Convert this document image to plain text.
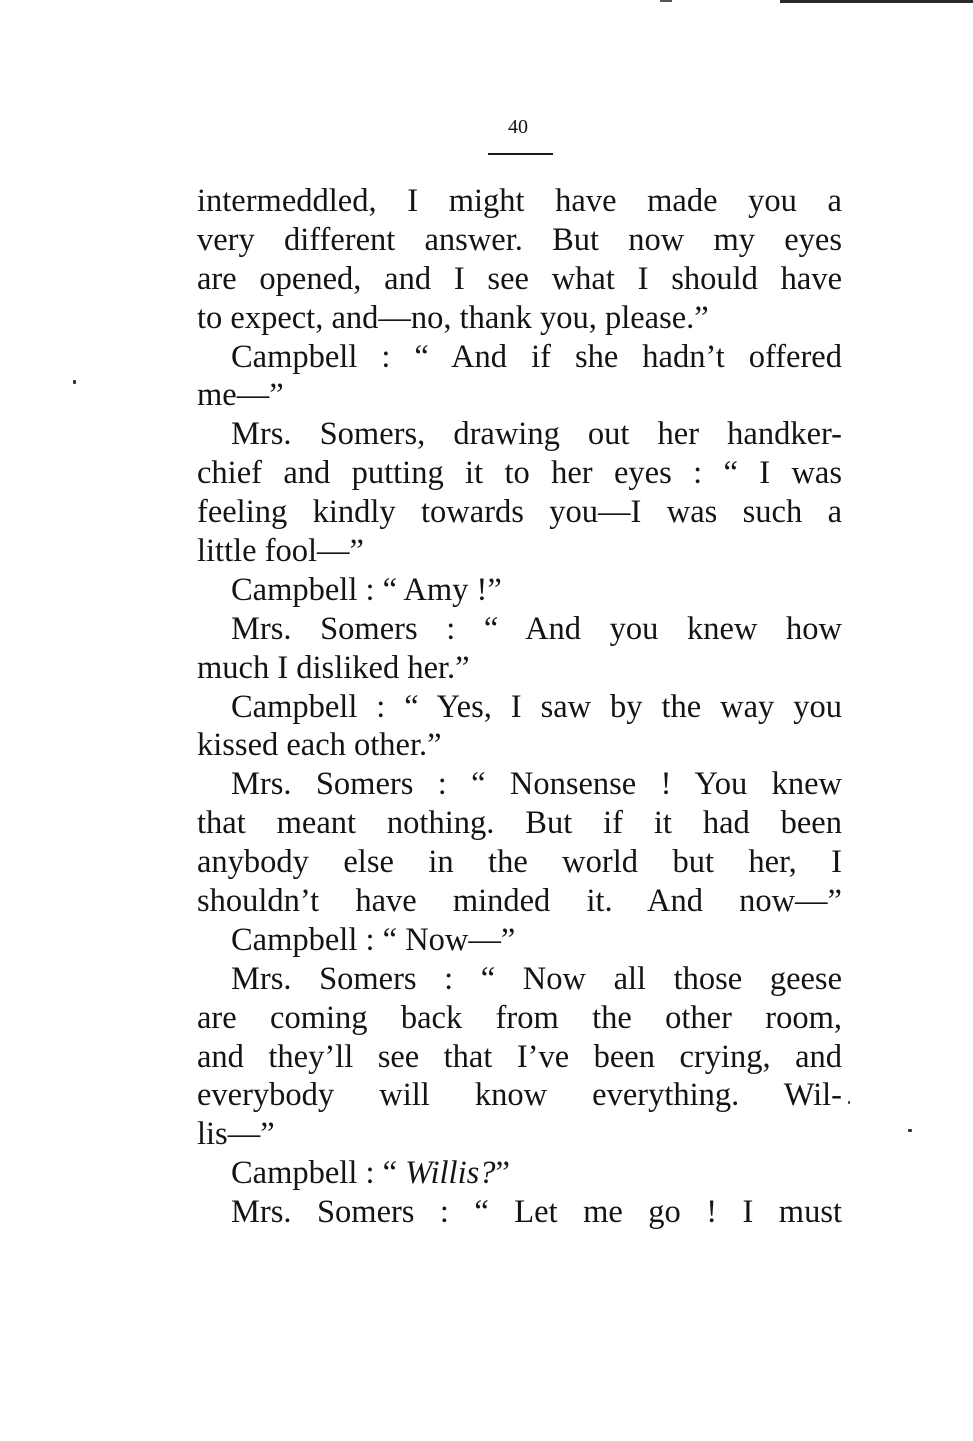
40
intermeddled, I might have made you a
very different answer. But now my eyes
are opened, and I see what I should have
to expect, and—no, thank you, please.”
Campbell : “ And if she hadn’t offered
me—”
Mrs. Somers, drawing out her handker-
chief and putting it to her eyes : “ I was
feeling kindly towards you—I was such a
little fool—”
Campbell : “ Amy !”
Mrs. Somers : “ And you knew how
much I disliked her.”
Campbell : “ Yes, I saw by the way you
kissed each other.”
Mrs. Somers : “ Nonsense ! You knew
that meant nothing. But if it had been
anybody else in the world but her, I
shouldn’t have minded it. And now—”
Campbell : “ Now—”
Mrs. Somers : “ Now all those geese
are coming back from the other room,
and they’ll see that I’ve been crying, and
everybody will know everything. Wil-
lis—”
Campbell : “ Willis?”
Mrs. Somers : “ Let me go ! I must
